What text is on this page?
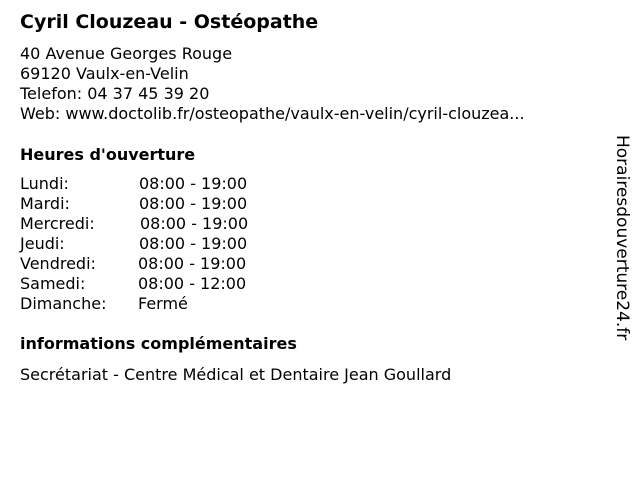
Cyril Clouzeau - Ostéopathe
40 Avenue Georges Rouge
69120 Vaulx-en-Velin
Telefon: 04 37 45 39 20
Web: www.doctolib.fr/osteopathe/vaulx-en-velin/cyril-clouzea...
Heures d'ouverture
Lundi:	08:00 - 19:00
Mardi:	08:00 - 19:00
Mercredi:	08:00 - 19:00
Jeudi:	08:00 - 19:00
Vendredi:	08:00 - 19:00
Samedi:	08:00 - 12:00
Dimanche: Fermé
informations complémentaires
Secrétariat - Centre Médical et Dentaire Jean Goullard
Horairesdouverture24.fr
